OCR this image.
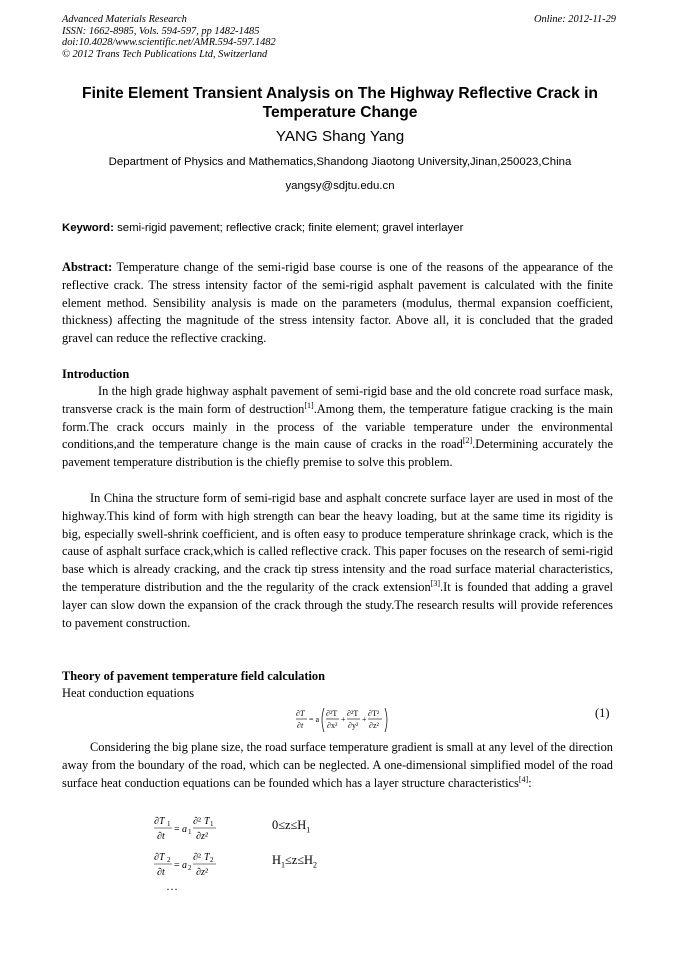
Advanced Materials Research
ISSN: 1662-8985, Vols. 594-597, pp 1482-1485
doi:10.4028/www.scientific.net/AMR.594-597.1482
© 2012 Trans Tech Publications Ltd, Switzerland
Online: 2012-11-29
Finite Element Transient Analysis on The Highway Reflective Crack in
Temperature Change
YANG Shang Yang
Department of Physics and Mathematics,Shandong Jiaotong University,Jinan,250023,China
yangsy@sdjtu.edu.cn
Keyword: semi-rigid pavement; reflective crack; finite element; gravel interlayer
Abstract: Temperature change of the semi-rigid base course is one of the reasons of the appearance of the reflective crack. The stress intensity factor of the semi-rigid asphalt pavement is calculated with the finite element method. Sensibility analysis is made on the parameters (modulus, thermal expansion coefficient, thickness) affecting the magnitude of the stress intensity factor. Above all, it is concluded that the graded gravel can reduce the reflective cracking.
Introduction
In the high grade highway asphalt pavement of semi-rigid base and the old concrete road surface mask, transverse crack is the main form of destruction[1].Among them, the temperature fatigue cracking is the main form.The crack occurs mainly in the process of the variable temperature under the environmental conditions,and the temperature change is the main cause of cracks in the road[2].Determining accurately the pavement temperature distribution is the chiefly premise to solve this problem.
In China the structure form of semi-rigid base and asphalt concrete surface layer are used in most of the highway.This kind of form with high strength can bear the heavy loading, but at the same time its rigidity is big, especially swell-shrink coefficient, and is often easy to produce temperature shrinkage crack, which is the cause of asphalt surface crack,which is called reflective crack. This paper focuses on the research of semi-rigid base which is already cracking, and the crack tip stress intensity and the road surface material characteristics, the temperature distribution and the the regularity of the crack extension[3].It is founded that adding a gravel layer can slow down the expansion of the crack through the study.The research results will provide references to pavement construction.
Theory of pavement temperature field calculation
Heat conduction equations
∂T
∂t
= a
∂²T
∂x²
+
∂²T
∂y²
+
∂T²
∂z²
(1)
Considering the big plane size, the road surface temperature gradient is small at any level of the direction away from the boundary of the road, which can be neglected. A one-dimensional simplified model of the road surface heat conduction equations can be founded which has a layer structure characteristics[4]:
∂T 1
∂t
= a 1
∂² T 1
∂z²
$0\le z\le H_1$
∂T 2
∂t
= a 2
∂² T 2
∂z²
$H_1\le z\le H_2$
…
